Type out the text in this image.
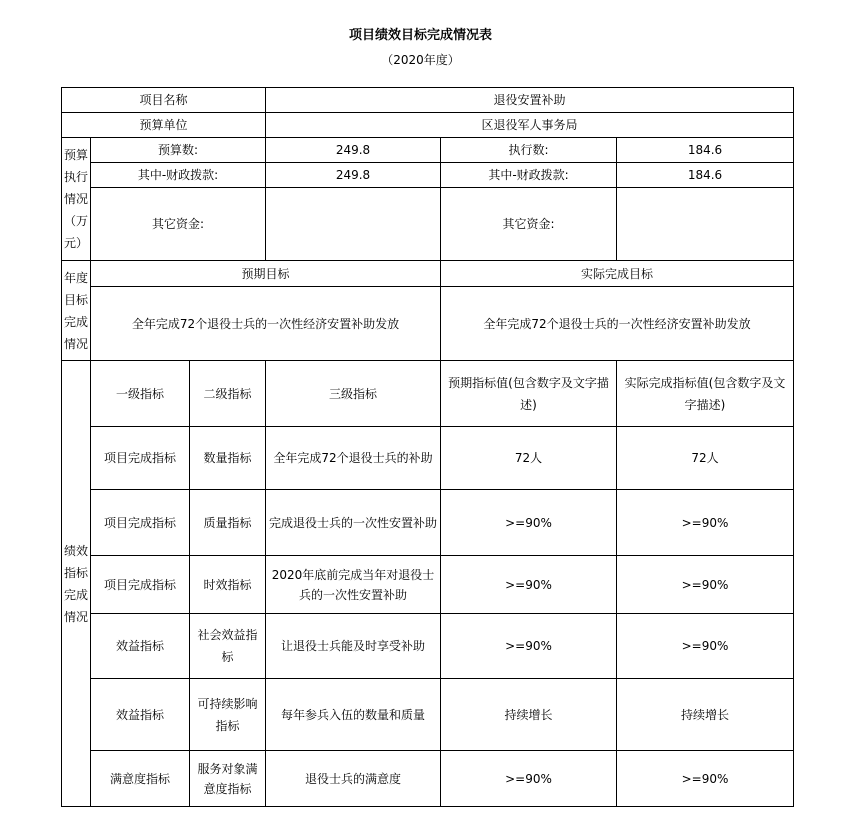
项目绩效目标完成情况表
（2020年度）
项目名称			退役安置补助		
预算单位			区退役军人事务局		
预算执行情况（万元）	预算数:		249.8	执行数:	184.6
	其中-财政拨款:		249.8	其中-财政拨款:	184.6
	其它资金:			其它资金:	
年度目标完成情况	预期目标			实际完成目标	
	全年完成72个退役士兵的一次性经济安置补助发放			全年完成72个退役士兵的一次性经济安置补助发放	
绩效指标完成情况	一级指标	二级指标	三级指标	预期指标值(包含数字及文字描述)	实际完成指标值(包含数字及文字描述)
	项目完成指标	数量指标	全年完成72个退役士兵的补助	72人	72人
	项目完成指标	质量指标	完成退役士兵的一次性安置补助	>=90%	>=90%
	项目完成指标	时效指标	2020年底前完成当年对退役士兵的一次性安置补助	>=90%	>=90%
	效益指标	社会效益指标	让退役士兵能及时享受补助	>=90%	>=90%
	效益指标	可持续影响指标	每年参兵入伍的数量和质量	持续增长	持续增长
	满意度指标	服务对象满意度指标	退役士兵的满意度	>=90%	>=90%
